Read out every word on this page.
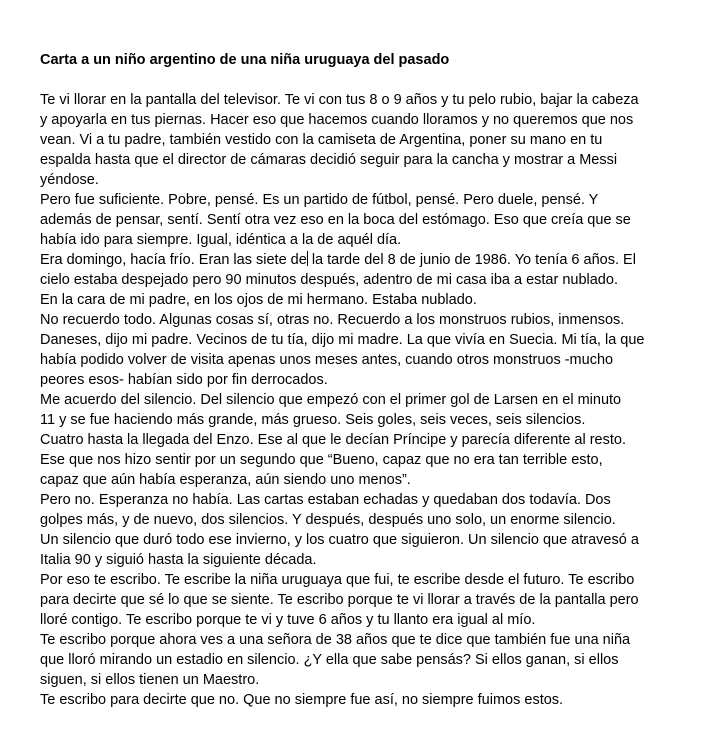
Carta a un niño argentino de una niña uruguaya del pasado
Te vi llorar en la pantalla del televisor. Te vi con tus 8 o 9 años y tu pelo rubio, bajar la cabeza
y apoyarla en tus piernas. Hacer eso que hacemos cuando lloramos y no queremos que nos
vean. Vi a tu padre, también vestido con la camiseta de Argentina, poner su mano en tu
espalda hasta que el director de cámaras decidió seguir para la cancha y mostrar a Messi
yéndose.
Pero fue suficiente. Pobre, pensé. Es un partido de fútbol, pensé. Pero duele, pensé. Y
además de pensar, sentí. Sentí otra vez eso en la boca del estómago. Eso que creía que se
había ido para siempre. Igual, idéntica a la de aquél día.
Era domingo, hacía frío. Eran las siete de la tarde del 8 de junio de 1986. Yo tenía 6 años. El
cielo estaba despejado pero 90 minutos después, adentro de mi casa iba a estar nublado.
En la cara de mi padre, en los ojos de mi hermano. Estaba nublado.
No recuerdo todo. Algunas cosas sí, otras no. Recuerdo a los monstruos rubios, inmensos.
Daneses, dijo mi padre. Vecinos de tu tía, dijo mi madre. La que vivía en Suecia. Mi tía, la que
había podido volver de visita apenas unos meses antes, cuando otros monstruos -mucho
peores esos- habían sido por fin derrocados.
Me acuerdo del silencio. Del silencio que empezó con el primer gol de Larsen en el minuto
11 y se fue haciendo más grande, más grueso. Seis goles, seis veces, seis silencios.
Cuatro hasta la llegada del Enzo. Ese al que le decían Príncipe y parecía diferente al resto.
Ese que nos hizo sentir por un segundo que “Bueno, capaz que no era tan terrible esto,
capaz que aún había esperanza, aún siendo uno menos”.
Pero no. Esperanza no había. Las cartas estaban echadas y quedaban dos todavía. Dos
golpes más, y de nuevo, dos silencios. Y después, después uno solo, un enorme silencio.
Un silencio que duró todo ese invierno, y los cuatro que siguieron. Un silencio que atravesó a
Italia 90 y siguió hasta la siguiente década.
Por eso te escribo. Te escribe la niña uruguaya que fui, te escribe desde el futuro. Te escribo
para decirte que sé lo que se siente. Te escribo porque te vi llorar a través de la pantalla pero
lloré contigo. Te escribo porque te vi y tuve 6 años y tu llanto era igual al mío.
Te escribo porque ahora ves a una señora de 38 años que te dice que también fue una niña
que lloró mirando un estadio en silencio. ¿Y ella que sabe pensás? Si ellos ganan, si ellos
siguen, si ellos tienen un Maestro.
Te escribo para decirte que no. Que no siempre fue así, no siempre fuimos estos.
